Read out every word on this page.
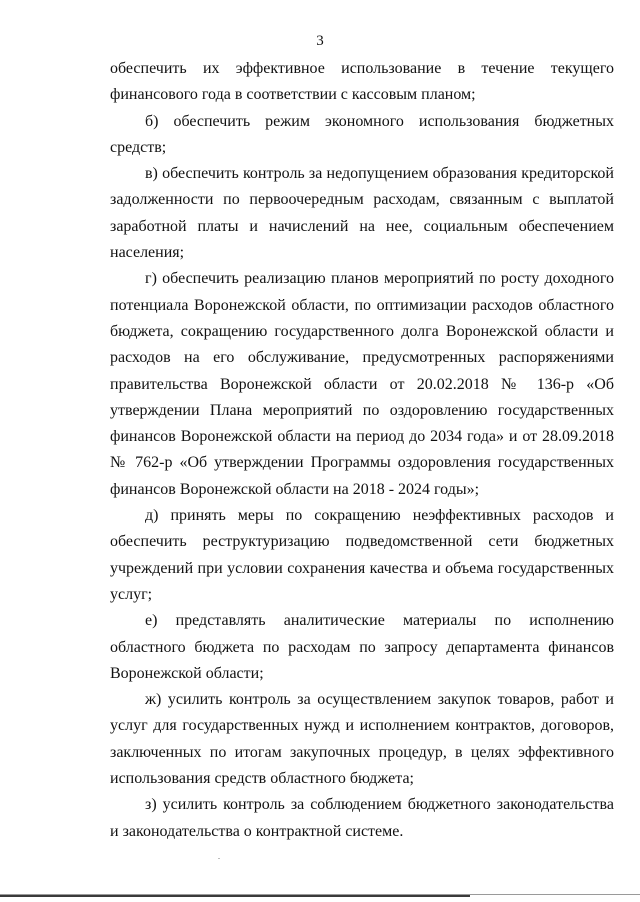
3

обеспечить их эффективное использование в течение текущего финансового года в соответствии с кассовым планом;

б) обеспечить режим экономного использования бюджетных средств;

в) обеспечить контроль за недопущением образования кредиторской задолженности по первоочередным расходам, связанным с выплатой заработной платы и начислений на нее, социальным обеспечением населения;

г) обеспечить реализацию планов мероприятий по росту доходного потенциала Воронежской области, по оптимизации расходов областного бюджета, сокращению государственного долга Воронежской области и расходов на его обслуживание, предусмотренных распоряжениями правительства Воронежской области от 20.02.2018 № 136-р «Об утверждении Плана мероприятий по оздоровлению государственных финансов Воронежской области на период до 2034 года» и от 28.09.2018 № 762-р «Об утверждении Программы оздоровления государственных финансов Воронежской области на 2018 - 2024 годы»;

д) принять меры по сокращению неэффективных расходов и обеспечить реструктуризацию подведомственной сети бюджетных учреждений при условии сохранения качества и объема государственных услуг;

е) представлять аналитические материалы по исполнению областного бюджета по расходам по запросу департамента финансов Воронежской области;

ж) усилить контроль за осуществлением закупок товаров, работ и услуг для государственных нужд и исполнением контрактов, договоров, заключенных по итогам закупочных процедур, в целях эффективного использования средств областного бюджета;

з) усилить контроль за соблюдением бюджетного законодательства и законодательства о контрактной системе.
